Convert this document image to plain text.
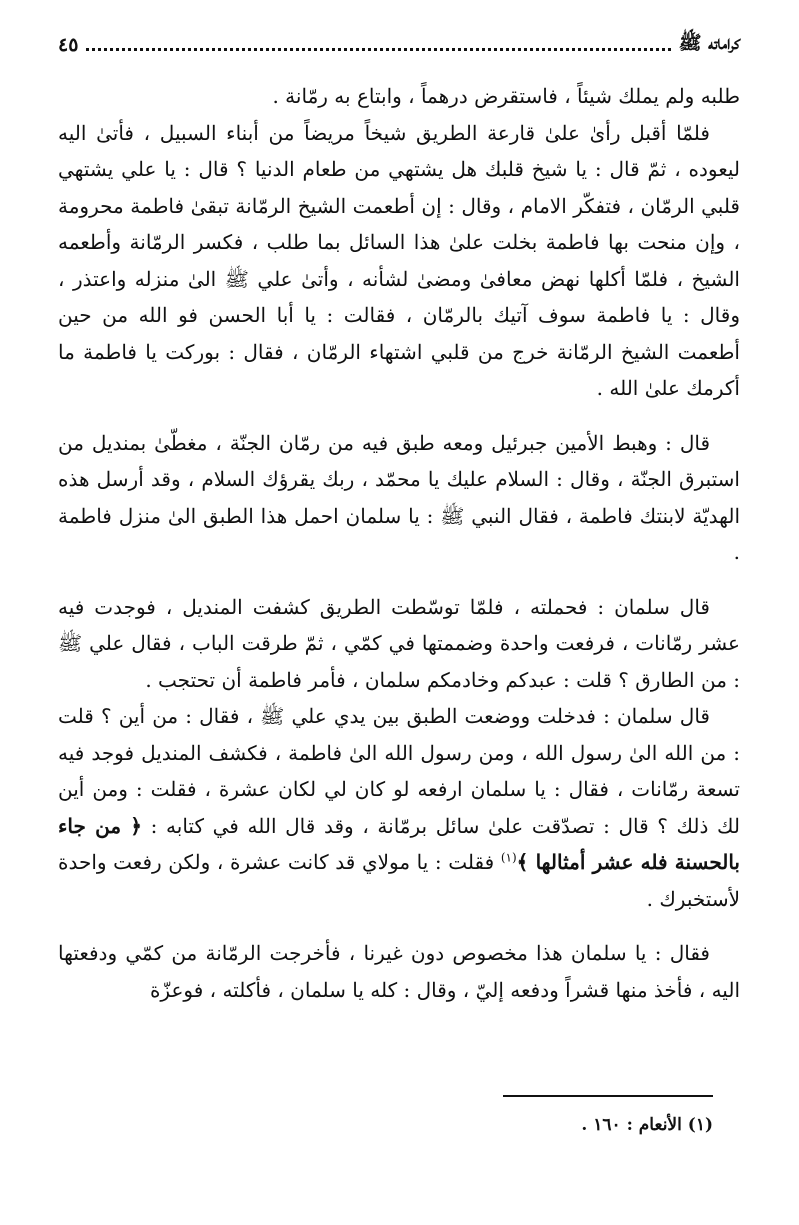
كراماته ﷺ
٤٥

طلبه ولم يملك شيئاً ، فاستقرض درهماً ، وابتاع به رمّانة .

فلمّا أقبل رأىٰ علىٰ قارعة الطريق شيخاً مريضاً من أبناء السبيل ، فأتىٰ اليه ليعوده ، ثمّ قال : يا شيخ قلبك هل يشتهي من طعام الدنيا ؟ قال : يا علي يشتهي قلبي الرمّان ، فتفكّر الامام ، وقال : إن أطعمت الشيخ الرمّانة تبقىٰ فاطمة محرومة ، وإن منحت بها فاطمة بخلت علىٰ هذا السائل بما طلب ، فكسر الرمّانة وأطعمه الشيخ ، فلمّا أكلها نهض معافىٰ ومضىٰ لشأنه ، وأتىٰ علي ﷺ الىٰ منزله واعتذر ، وقال : يا فاطمة سوف آتيك بالرمّان ، فقالت : يا أبا الحسن فو الله من حين أطعمت الشيخ الرمّانة خرج من قلبي اشتهاء الرمّان ، فقال : بوركت يا فاطمة ما أكرمك علىٰ الله .

قال : وهبط الأمين جبرئيل ومعه طبق فيه من رمّان الجنّة ، مغطّىٰ بمنديل من استبرق الجنّة ، وقال : السلام عليك يا محمّد ، ربك يقرؤك السلام ، وقد أرسل هذه الهديّة لابنتك فاطمة ، فقال النبي ﷺ : يا سلمان احمل هذا الطبق الىٰ منزل فاطمة .

قال سلمان : فحملته ، فلمّا توسّطت الطريق كشفت المنديل ، فوجدت فيه عشر رمّانات ، فرفعت واحدة وضممتها في كمّي ، ثمّ طرقت الباب ، فقال علي ﷺ : من الطارق ؟ قلت : عبدكم وخادمكم سلمان ، فأمر فاطمة أن تحتجب .

قال سلمان : فدخلت ووضعت الطبق بين يدي علي ﷺ ، فقال : من أين ؟ قلت : من الله الىٰ رسول الله ، ومن رسول الله الىٰ فاطمة ، فكشف المنديل فوجد فيه تسعة رمّانات ، فقال : يا سلمان ارفعه لو كان لي لكان عشرة ، فقلت : ومن أين لك ذلك ؟ قال : تصدّقت علىٰ سائل برمّانة ، وقد قال الله في كتابه : ﴿ من جاء بالحسنة فله عشر أمثالها ﴾$^{(١)}$ فقلت : يا مولاي قد كانت عشرة ، ولكن رفعت واحدة لأستخبرك .

فقال : يا سلمان هذا مخصوص دون غيرنا ، فأخرجت الرمّانة من كمّي ودفعتها اليه ، فأخذ منها قشراً ودفعه إليّ ، وقال : كله يا سلمان ، فأكلته ، فوعزّة

(١) الأنعام : ١٦٠ .
